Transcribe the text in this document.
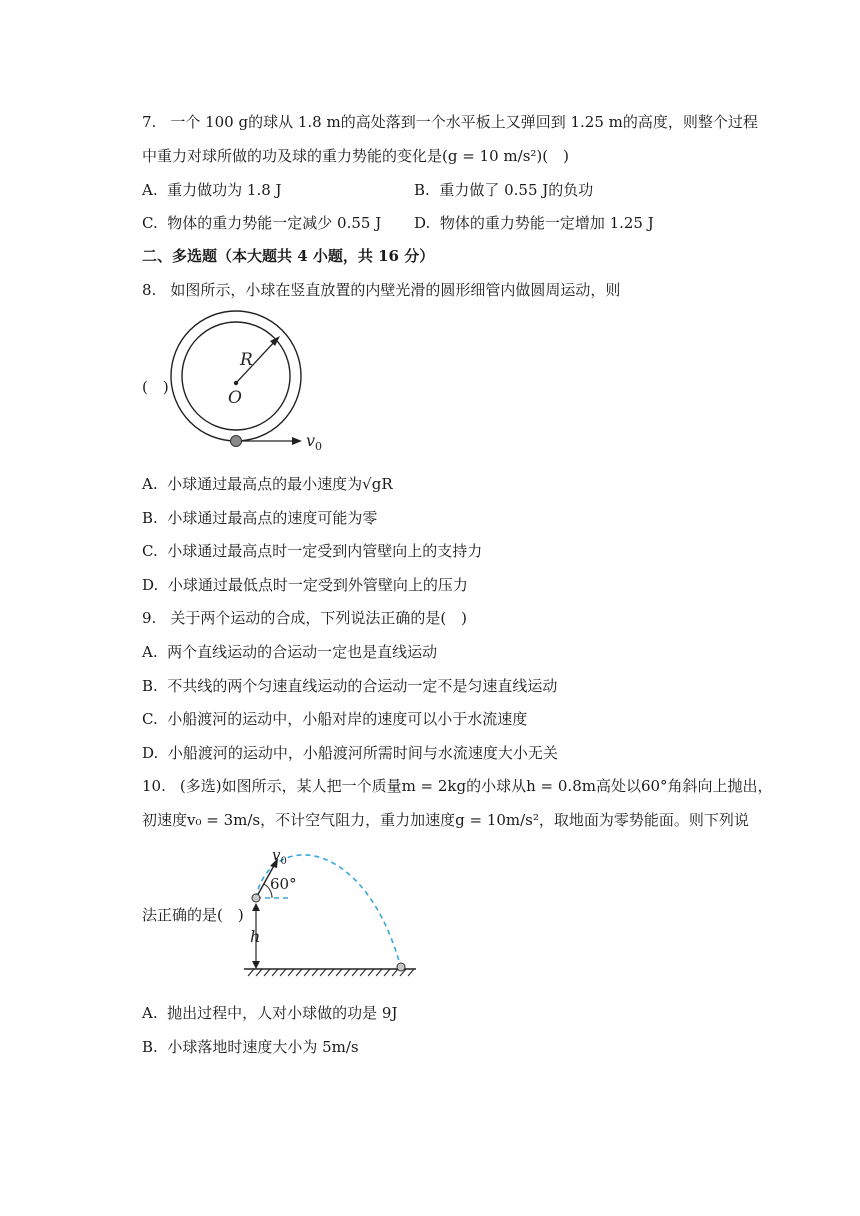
7. 一个 100 g的球从 1.8 m的高处落到一个水平板上又弹回到 1.25 m的高度，则整个过程
中重力对球所做的功及球的重力势能的变化是(g = 10 m/s²)(　)
A. 重力做功为 1.8 J	B. 重力做了 0.55 J的负功
C. 物体的重力势能一定减少 0.55 J D. 物体的重力势能一定增加 1.25 J
二、多选题（本大题共 4 小题，共 16 分）
8. 如图所示，小球在竖直放置的内壁光滑的圆形细管内做圆周运动，则
(　)
R
O
$v_0$
A. 小球通过最高点的最小速度为√gR
B. 小球通过最高点的速度可能为零
C. 小球通过最高点时一定受到内管壁向上的支持力
D. 小球通过最低点时一定受到外管壁向上的压力
9. 关于两个运动的合成，下列说法正确的是(　)
A. 两个直线运动的合运动一定也是直线运动
B. 不共线的两个匀速直线运动的合运动一定不是匀速直线运动
C. 小船渡河的运动中，小船对岸的速度可以小于水流速度
D. 小船渡河的运动中，小船渡河所需时间与水流速度大小无关
10. (多选)如图所示，某人把一个质量m = 2kg的小球从h = 0.8m高处以60°角斜向上抛出，
初速度v₀ = 3m/s，不计空气阻力，重力加速度g = 10m/s²，取地面为零势能面。则下列说
法正确的是(　)
$v_0$
60°
h
A. 抛出过程中，人对小球做的功是 9J
B. 小球落地时速度大小为 5m/s
